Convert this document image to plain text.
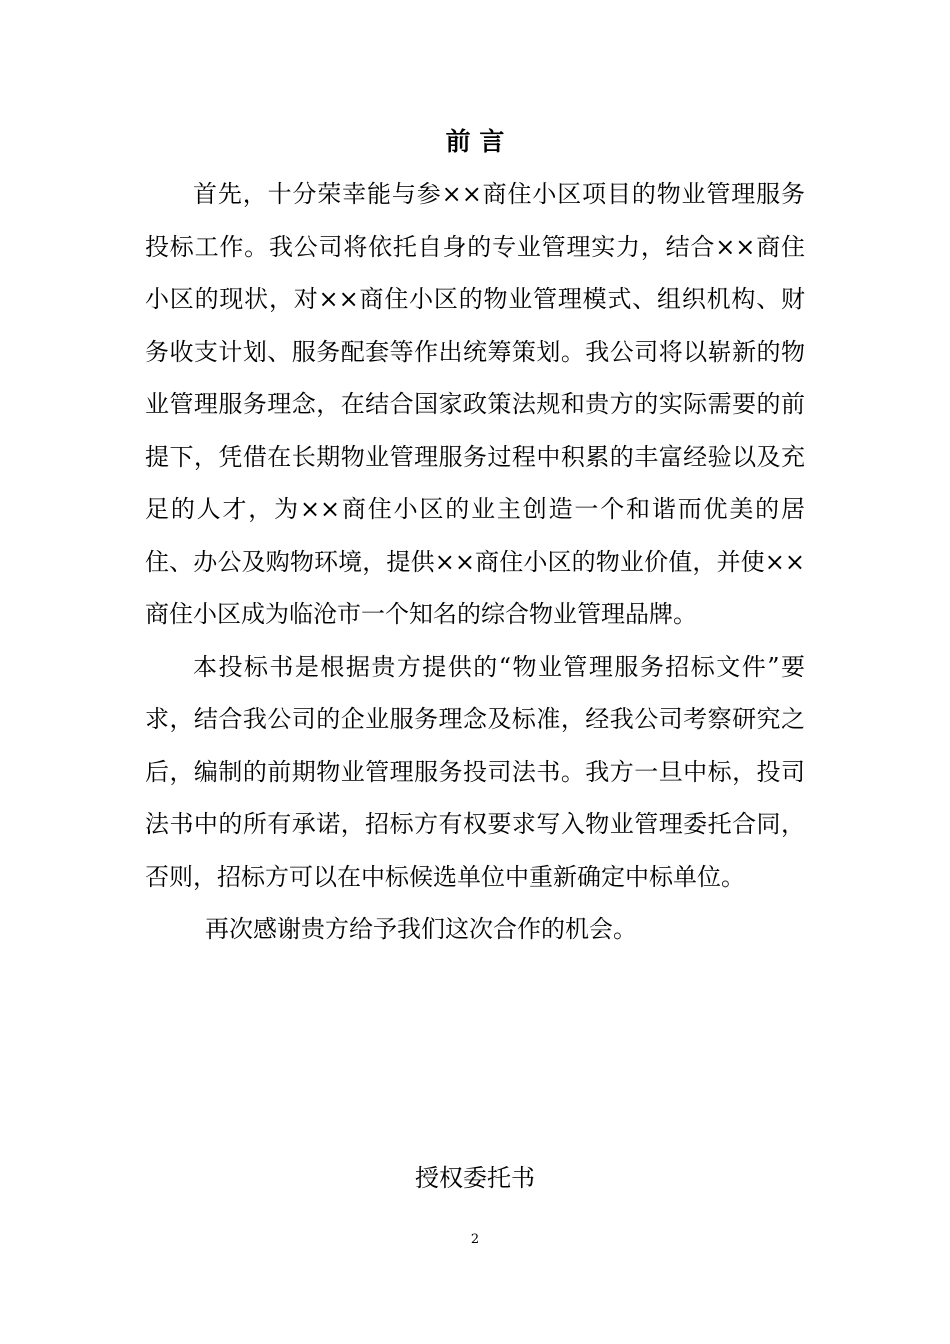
前 言

首先，十分荣幸能与参××商住小区项目的物业管理服务投标工作。我公司将依托自身的专业管理实力，结合××商住小区的现状，对××商住小区的物业管理模式、组织机构、财务收支计划、服务配套等作出统筹策划。我公司将以崭新的物业管理服务理念，在结合国家政策法规和贵方的实际需要的前提下，凭借在长期物业管理服务过程中积累的丰富经验以及充足的人才，为××商住小区的业主创造一个和谐而优美的居住、办公及购物环境，提供××商住小区的物业价值，并使××商住小区成为临沧市一个知名的综合物业管理品牌。

本投标书是根据贵方提供的“物业管理服务招标文件”要求，结合我公司的企业服务理念及标准，经我公司考察研究之后，编制的前期物业管理服务投司法书。我方一旦中标，投司法书中的所有承诺，招标方有权要求写入物业管理委托合同，否则，招标方可以在中标候选单位中重新确定中标单位。

再次感谢贵方给予我们这次合作的机会。

授权委托书
2
